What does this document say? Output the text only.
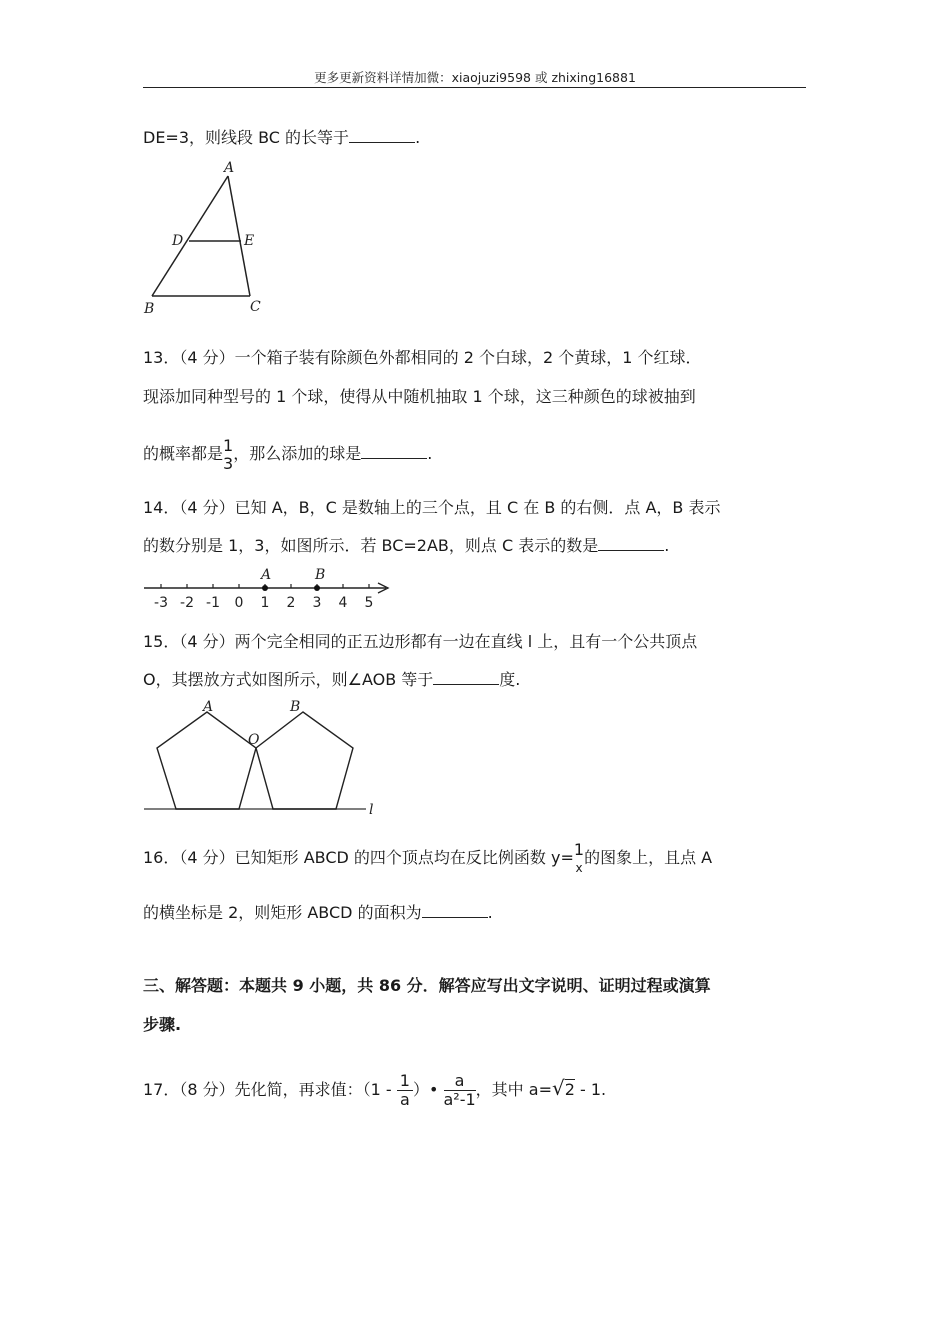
更多更新资料详情加微：xiaojuzi9598 或 zhixing16881
DE=3，则线段 BC 的长等于	.
A
D	E
B	C
13．（4 分）一个箱子装有除颜色外都相同的 2 个白球，2 个黄球，1 个红球．
现添加同种型号的 1 个球，使得从中随机抽取 1 个球，这三种颜色的球被抽到
的概率都是 1
3 ，那么添加的球是	.
14．（4 分）已知 A，B，C 是数轴上的三个点，且 C 在 B 的右侧．点 A，B 表示
的数分别是 1，3，如图所示．若 BC=2AB，则点 C 表示的数是	.
-3 -2 -1 0 1 2 3 4 5
A	B
15．（4 分）两个完全相同的正五边形都有一边在直线 l 上，且有一个公共顶点
O，其摆放方式如图所示，则∠AOB 等于	度.
A
O
B
l
16．（4 分）已知矩形 ABCD 的四个顶点均在反比例函数 y= 1
x
的图象上，且点 A
的横坐标是 2，则矩形 ABCD 的面积为	.
三、解答题：本题共 9 小题，共 86 分．解答应写出文字说明、证明过程或演算
步骤.
17．（8 分）先化简，再求值：（$1 - \frac{1}{a}$ ）• $\frac{a}{\text{a²-1}}$ ，其中 a=√2 - 1.
